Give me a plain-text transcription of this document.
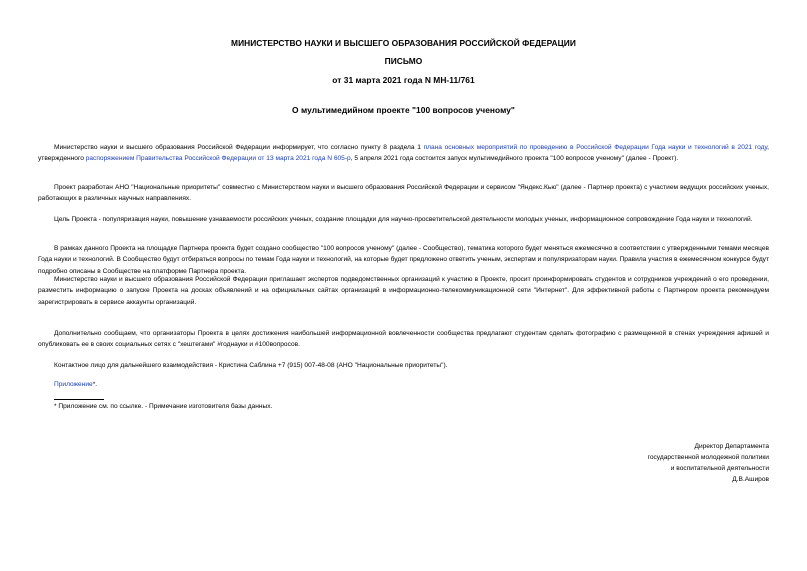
МИНИСТЕРСТВО НАУКИ И ВЫСШЕГО ОБРАЗОВАНИЯ РОССИЙСКОЙ ФЕДЕРАЦИИ
ПИСЬМО
от 31 марта 2021 года N МН-11/761
О мультимедийном проекте "100 вопросов ученому"

Министерство науки и высшего образования Российской Федерации информирует, что согласно пункту 8 раздела 1 плана основных мероприятий по проведению в Российской Федерации Года науки и технологий в 2021 году, утвержденного распоряжением Правительства Российской Федерации от 13 марта 2021 года N 605-р, 5 апреля 2021 года состоится запуск мультимедийного проекта "100 вопросов ученому" (далее - Проект).

Проект разработан АНО "Национальные приоритеты" совместно с Министерством науки и высшего образования Российской Федерации и сервисом "Яндекс.Кью" (далее - Партнер проекта) с участием ведущих российских ученых, работающих в различных научных направлениях.

Цель Проекта - популяризация науки, повышение узнаваемости российских ученых, создание площадки для научно-просветительской деятельности молодых ученых, информационное сопровождение Года науки и технологий.

В рамках данного Проекта на площадке Партнера проекта будет создано сообщество "100 вопросов ученому" (далее - Сообщество), тематика которого будет меняться ежемесячно в соответствии с утвержденными темами месяцев Года науки и технологий. В Сообщество будут отбираться вопросы по темам Года науки и технологий, на которые будет предложено ответить ученым, экспертам и популяризаторам науки. Правила участия в ежемесячном конкурсе будут подробно описаны в Сообществе на платформе Партнера проекта.

Министерство науки и высшего образования Российской Федерации приглашает экспертов подведомственных организаций к участию в Проекте, просит проинформировать студентов и сотрудников учреждений о его проведении, разместить информацию о запуске Проекта на досках объявлений и на официальных сайтах организаций в информационно-телекоммуникационной сети "Интернет". Для эффективной работы с Партнером проекта рекомендуем зарегистрировать в сервисе аккаунты организаций.

Дополнительно сообщаем, что организаторы Проекта в целях достижения наибольшей информационной вовлеченности сообщества предлагают студентам сделать фотографию с размещенной в стенах учреждения афишей и опубликовать ее в своих социальных сетях с "хештегами" #годнауки и #100вопросов.

Контактное лицо для дальнейшего взаимодействия - Кристина Саблина +7 (915) 007-48-08 (АНО "Национальные приоритеты").

Приложение*.
* Приложение см. по ссылке. - Примечание изготовителя базы данных.
Директор Департамента
государственной молодежной политики
и воспитательной деятельности
Д.В.Аширов
